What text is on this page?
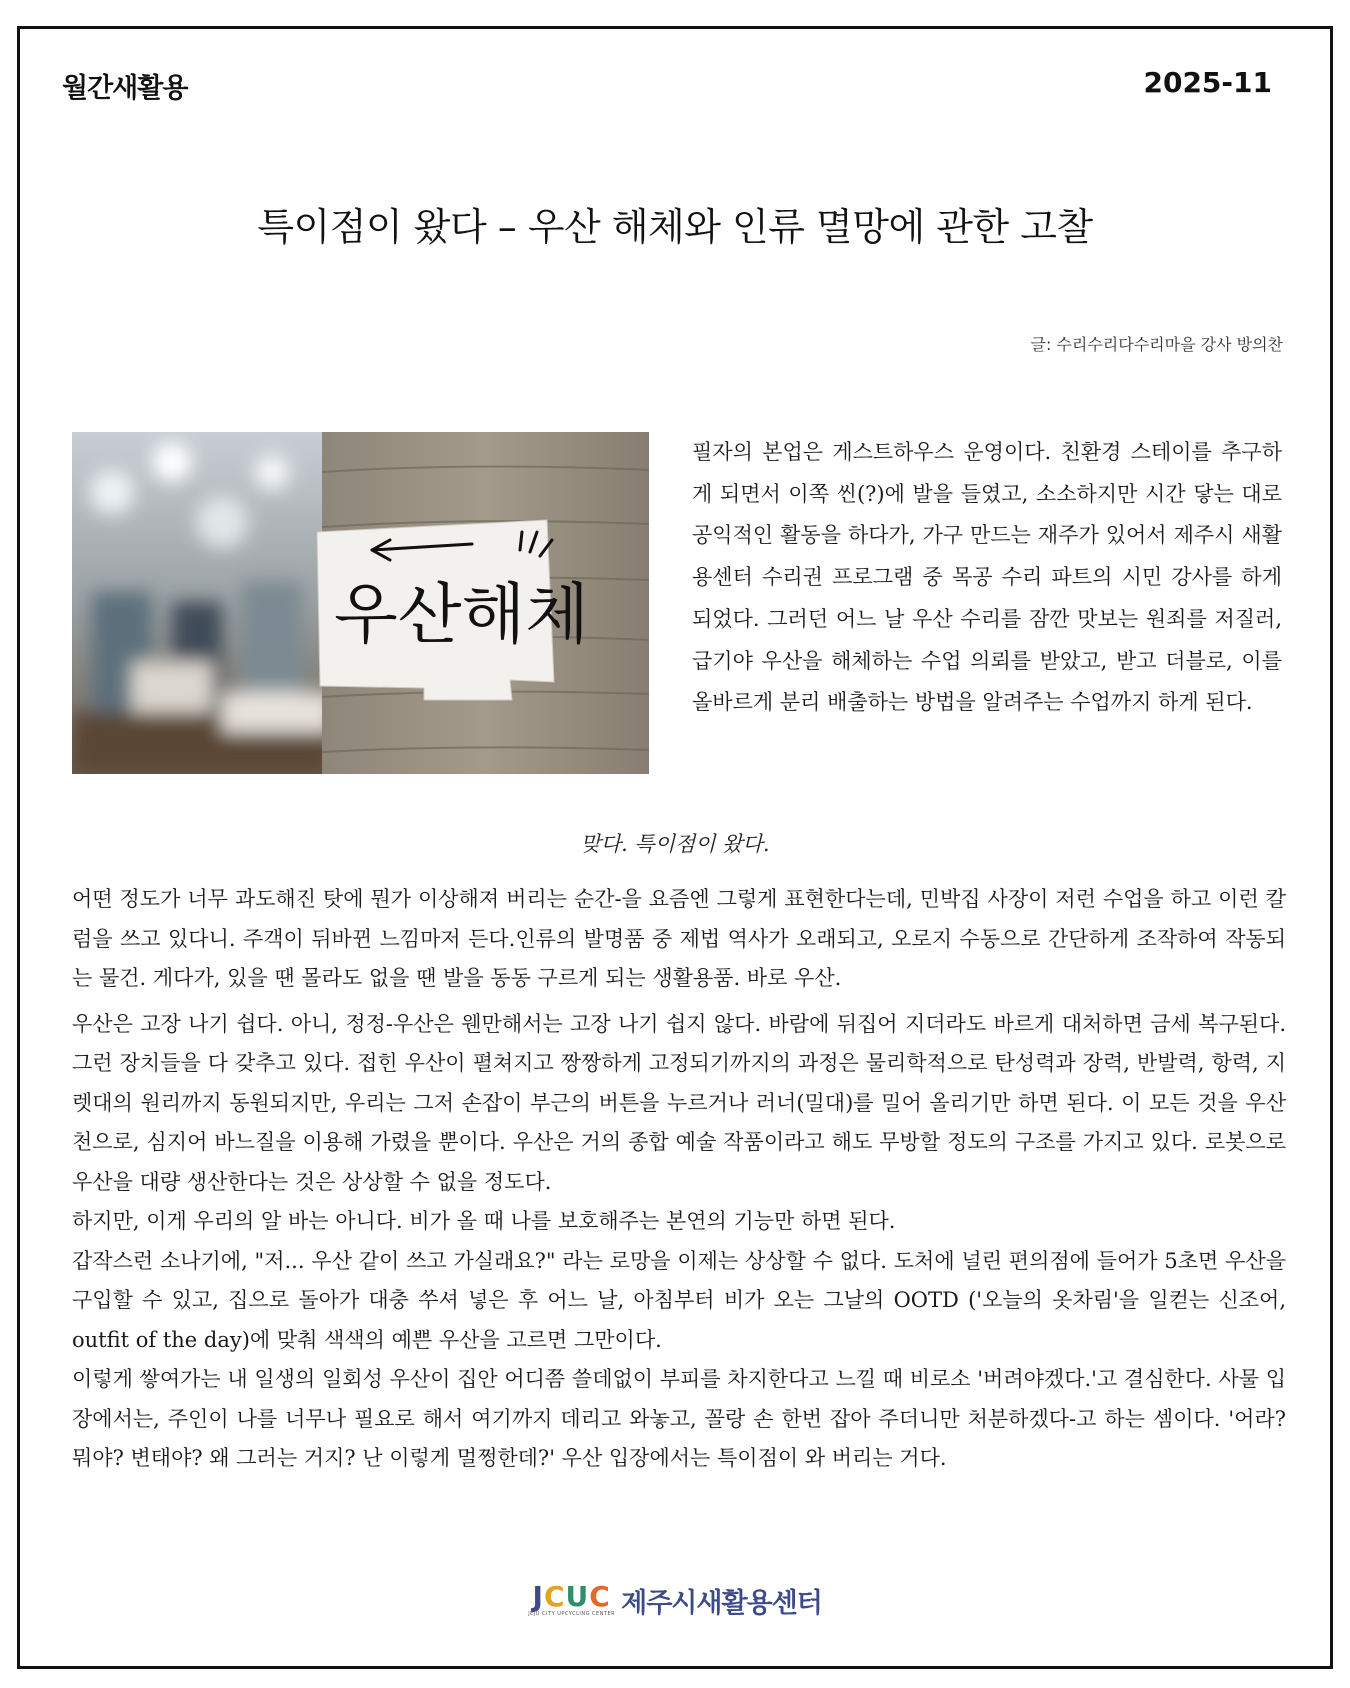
월간새활용	2025-11
특이점이 왔다 – 우산 해체와 인류 멸망에 관한 고찰
글: 수리수리다수리마을 강사 방의찬
우산해체
필자의 본업은 게스트하우스 운영이다. 친환경 스테이를 추구하게 되면서 이쪽 씬(?)에 발을 들였고, 소소하지만 시간 닿는 대로 공익적인 활동을 하다가, 가구 만드는 재주가 있어서 제주시 새활용센터 수리권 프로그램 중 목공 수리 파트의 시민 강사를 하게 되었다. 그러던 어느 날 우산 수리를 잠깐 맛보는 원죄를 저질러, 급기야 우산을 해체하는 수업 의뢰를 받았고, 받고 더블로, 이를 올바르게 분리 배출하는 방법을 알려주는 수업까지 하게 된다.
맞다. 특이점이 왔다.

어떤 정도가 너무 과도해진 탓에 뭔가 이상해져 버리는 순간-을 요즘엔 그렇게 표현한다는데, 민박집 사장이 저런 수업을 하고 이런 칼럼을 쓰고 있다니. 주객이 뒤바뀐 느낌마저 든다.인류의 발명품 중 제법 역사가 오래되고, 오로지 수동으로 간단하게 조작하여 작동되는 물건. 게다가, 있을 땐 몰라도 없을 땐 발을 동동 구르게 되는 생활용품. 바로 우산.

우산은 고장 나기 쉽다. 아니, 정정-우산은 웬만해서는 고장 나기 쉽지 않다. 바람에 뒤집어 지더라도 바르게 대처하면 금세 복구된다. 그런 장치들을 다 갖추고 있다. 접힌 우산이 펼쳐지고 짱짱하게 고정되기까지의 과정은 물리학적으로 탄성력과 장력, 반발력, 항력, 지렛대의 원리까지 동원되지만, 우리는 그저 손잡이 부근의 버튼을 누르거나 러너(밀대)를 밀어 올리기만 하면 된다. 이 모든 것을 우산 천으로, 심지어 바느질을 이용해 가렸을 뿐이다. 우산은 거의 종합 예술 작품이라고 해도 무방할 정도의 구조를 가지고 있다. 로봇으로 우산을 대량 생산한다는 것은 상상할 수 없을 정도다.

하지만, 이게 우리의 알 바는 아니다. 비가 올 때 나를 보호해주는 본연의 기능만 하면 된다.

갑작스런 소나기에, "저... 우산 같이 쓰고 가실래요?" 라는 로망을 이제는 상상할 수 없다. 도처에 널린 편의점에 들어가 5초면 우산을 구입할 수 있고, 집으로 돌아가 대충 쑤셔 넣은 후 어느 날, 아침부터 비가 오는 그날의 OOTD ('오늘의 옷차림'을 일컫는 신조어, outfit of the day)에 맞춰 색색의 예쁜 우산을 고르면 그만이다.

이렇게 쌓여가는 내 일생의 일회성 우산이 집안 어디쯤 쓸데없이 부피를 차지한다고 느낄 때 비로소 '버려야겠다.'고 결심한다. 사물 입장에서는, 주인이 나를 너무나 필요로 해서 여기까지 데리고 와놓고, 꼴랑 손 한번 잡아 주더니만 처분하겠다-고 하는 셈이다. '어라? 뭐야? 변태야? 왜 그러는 거지? 난 이렇게 멀쩡한데?' 우산 입장에서는 특이점이 와 버리는 거다.

JCUC
JEJU CITY UPCYCLING CENTER 제주시새활용센터
